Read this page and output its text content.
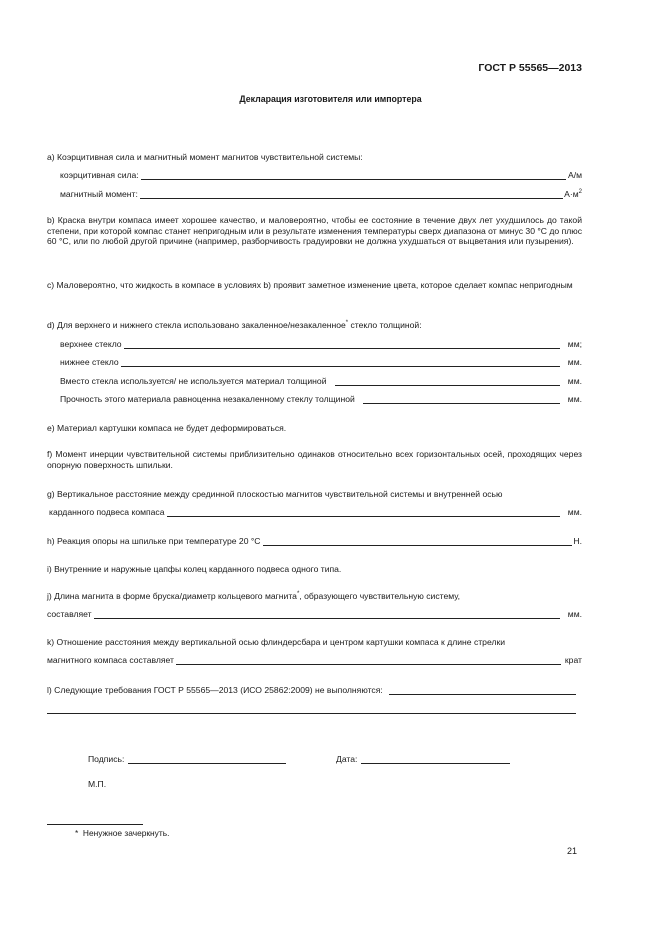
ГОСТ Р 55565—2013
Декларация изготовителя или импортера
a) Коэрцитивная сила и магнитный момент магнитов чувствительной системы:
коэрцитивная сила:	А/м
магнитный момент:	$А\cdot м^2$
b) Краска внутри компаса имеет хорошее качество, и маловероятно, чтобы ее состояние в течение двух лет ухудшилось до такой степени, при которой компас станет непригодным или в результате изменения температуры сверх диапазона от минус 30 °C до плюс 60 °C, или по любой другой причине (например, разборчивость градуировки не должна ухудшаться от выцветания или пузырения).
c) Маловероятно, что жидкость в компасе в условиях b) проявит заметное изменение цвета, которое сделает компас непригодным
d) Для верхнего и нижнего стекла использовано закаленное/незакаленное* стекло толщиной:
верхнее стекло	мм;
нижнее стекло	мм.
Вместо стекла используется/ не используется материал толщиной	мм.
Прочность этого материала равноценна незакаленному стеклу толщиной	мм.
e) Материал картушки компаса не будет деформироваться.
f) Момент инерции чувствительной системы приблизительно одинаков относительно всех горизонтальных осей, проходящих через опорную поверхность шпильки.
g) Вертикальное расстояние между срединной плоскостью магнитов чувствительной системы и внутренней осью
карданного подвеса компаса	мм.
h) Реакция опоры на шпильке при температуре 20 °C	Н.
i) Внутренние и наружные цапфы колец карданного подвеса одного типа.
j) Длина магнита в форме бруска/диаметр кольцевого магнита*, образующего чувствительную систему,
составляет	мм.
k) Отношение расстояния между вертикальной осью флиндерсбара и центром картушки компаса к длине стрелки
магнитного компаса составляет	крат
l) Следующие требования ГОСТ Р 55565—2013 (ИСО 25862:2009) не выполняются:
Подпись:	Дата:
М.П.
* Ненужное зачеркнуть.
21
